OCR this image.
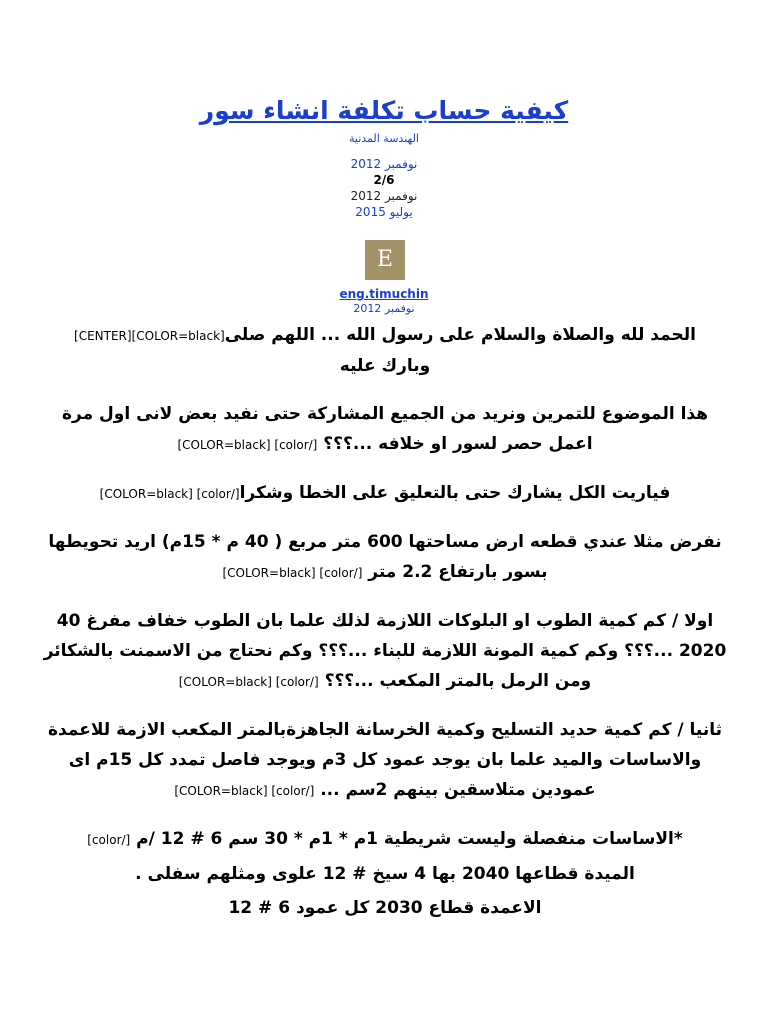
كيفية حساب تكلفة انشاء سور
الهندسة المدنية
نوفمبر 2012
2/6
نوفمبر 2012
يوليو 2015
E
eng.timuchin
نوفمبر 2012

الحمد لله والصلاة والسلام على رسول الله ... اللهم صلى[CENTER][COLOR=black]
وبارك عليه

هذا الموضوع للتمرين ونريد من الجميع المشاركة حتى نفيد بعض لانى اول مرة اعمل حصر لسور او خلافه ...؟؟؟ [COLOR=black] [color/]

فياريت الكل يشارك حتى بالتعليق على الخطا وشكرا[COLOR=black] [color/]

نفرض مثلا عندي قطعه ارض مساحتها 600 متر مربع ( 40 م * 15م) اريد تحويطها بسور بارتفاع 2.2 متر [COLOR=black] [color/]

اولا / كم كمية الطوب او البلوكات اللازمة لذلك علما بان الطوب خفاف مفرغ 40 2020 ...؟؟؟ وكم كمية المونة اللازمة للبناء ...؟؟؟ وكم نحتاج من الاسمنت بالشكائر ومن الرمل بالمتر المكعب ...؟؟؟ [COLOR=black] [color/]

ثانيا / كم كمية حديد التسليح وكمية الخرسانة الجاهزةبالمتر المكعب الازمة للاعمدة والاساسات والميد علما بان يوجد عمود كل 3م ويوجد فاصل تمدد كل 15م اى عمودين متلاسقين بينهم 2سم ... [COLOR=black] [color/]

*الاساسات منفصلة وليست شريطية 1م * 1م * 30 سم 6 # 12 /م [color/]

الميدة قطاعها 2040 بها 4 سيخ # 12 علوى ومثلهم سفلى .

الاعمدة قطاع 2030 كل عمود 6 # 12
